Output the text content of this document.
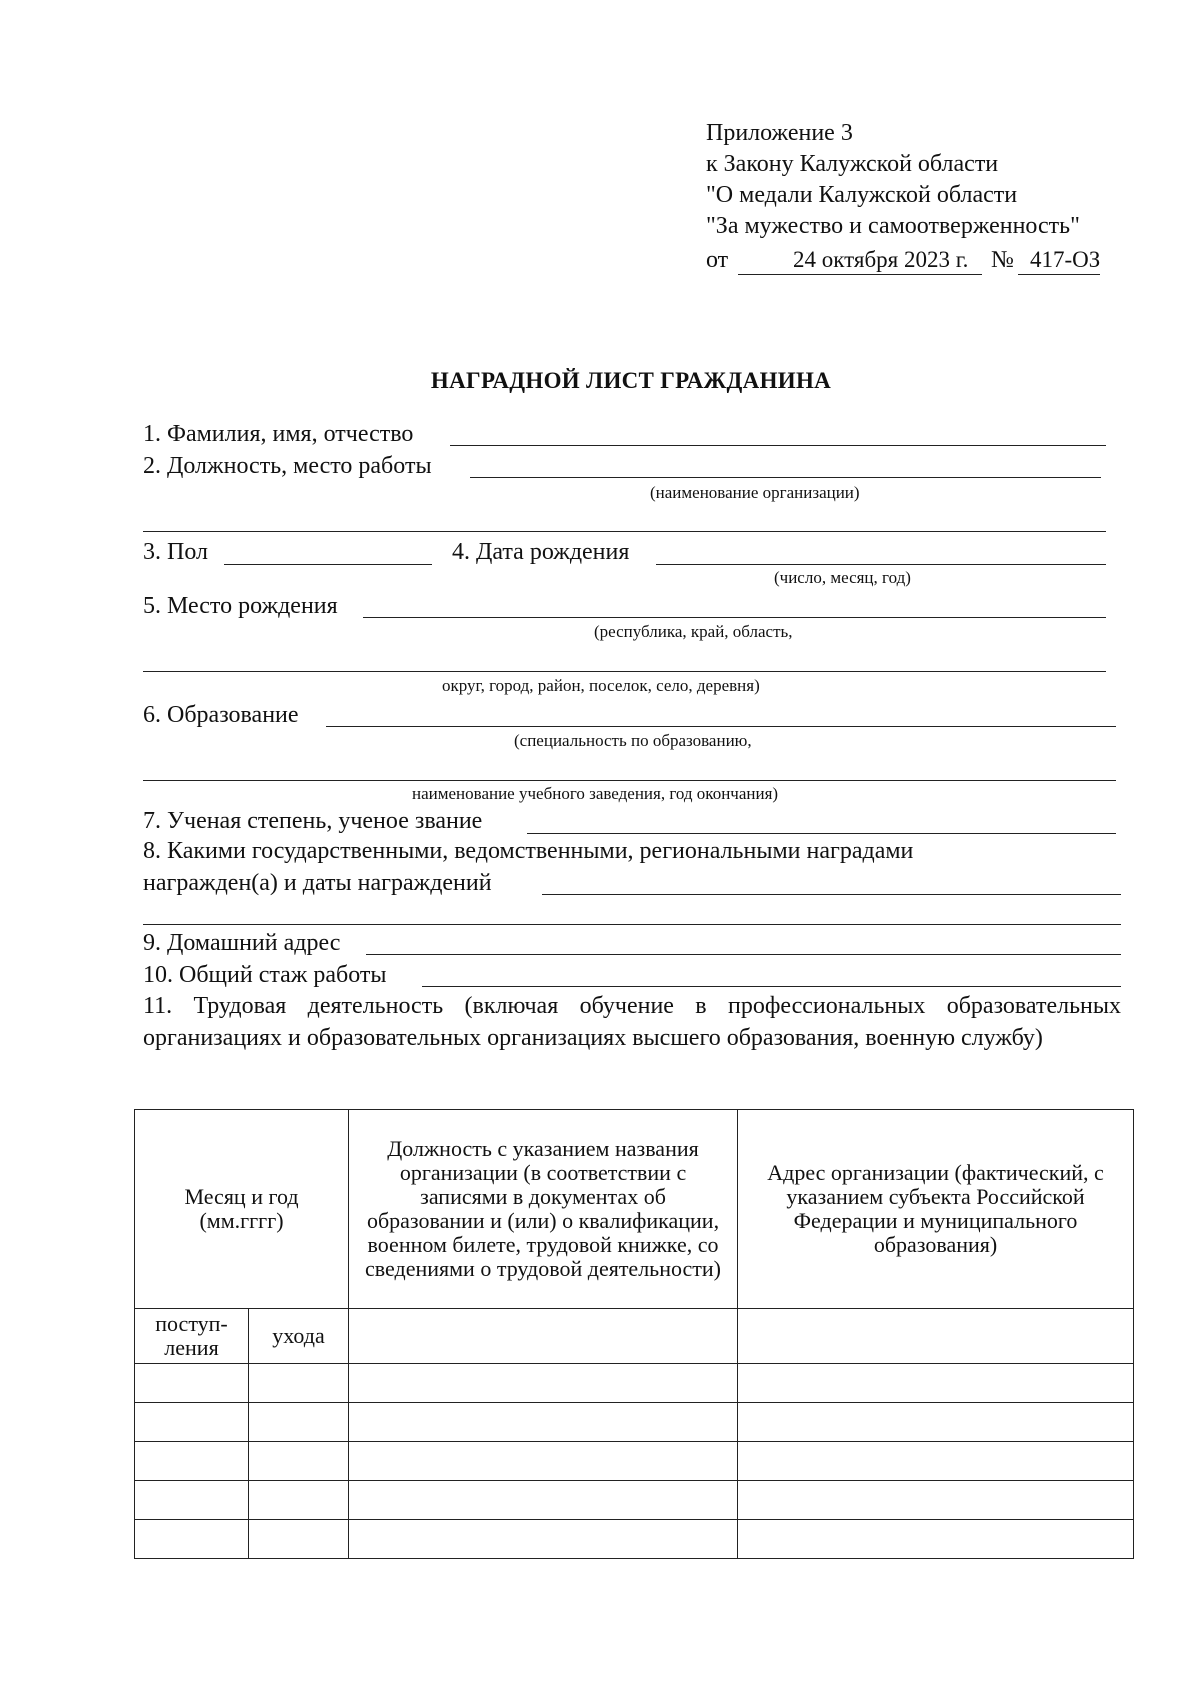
Приложение 3
к Закону Калужской области
"О медали Калужской области
"За мужество и самоотверженность"
от	24 октября 2023 г. № 417-ОЗ
НАГРАДНОЙ ЛИСТ ГРАЖДАНИНА
1. Фамилия, имя, отчество
2. Должность, место работы
(наименование организации)
3. Пол	4. Дата рождения
(число, месяц, год)
5. Место рождения
(республика, край, область,
округ, город, район, поселок, село, деревня)
6. Образование
(специальность по образованию,
наименование учебного заведения, год окончания)
7. Ученая степень, ученое звание
8. Какими государственными, ведомственными, региональными наградами
награжден(а) и даты награждений
9. Домашний адрес
10. Общий стаж работы
11. Трудовая деятельность (включая обучение в профессиональных образовательных организациях и образовательных организациях высшего образования, военную службу)
Месяц и год (мм.гггг)		Должность с указанием названия организации (в соответствии с записями в документах об образовании и (или) о квалификации, военном билете, трудовой книжке, со сведениями о трудовой деятельности)	Адрес организации (фактический, с указанием субъекта Российской Федерации и муниципального образования)
поступ-ления	ухода		
